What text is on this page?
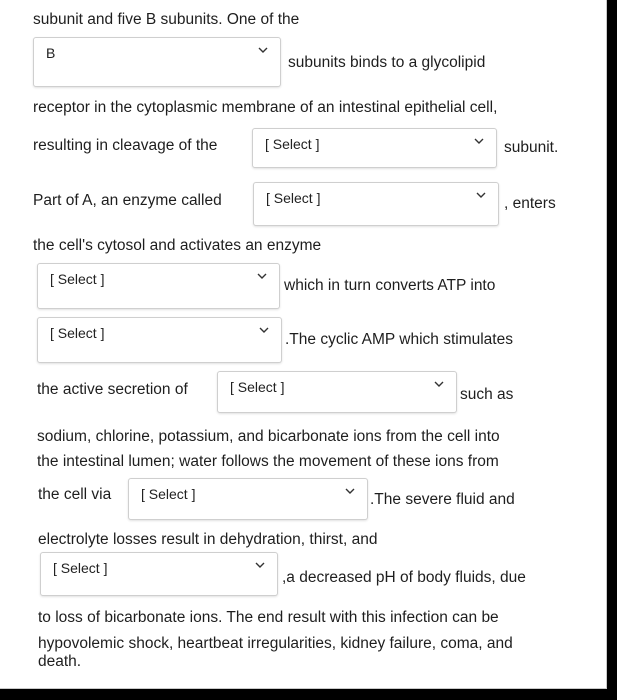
subunit and five B subunits. One of the
B
subunits binds to a glycolipid
receptor in the cytoplasmic membrane of an intestinal epithelial cell,
resulting in cleavage of the	[ Select ]	subunit.
Part of A, an enzyme called	[ Select ]	, enters
the cell's cytosol and activates an enzyme
[ Select ]	which in turn converts ATP into
[ Select ]	.The cyclic AMP which stimulates
the active secretion of	[ Select ]	such as
sodium, chlorine, potassium, and bicarbonate ions from the cell into
the intestinal lumen; water follows the movement of these ions from
the cell via [ Select ]	.The severe fluid and
electrolyte losses result in dehydration, thirst, and
[ Select ]
,a decreased pH of body fluids, due
to loss of bicarbonate ions. The end result with this infection can be
hypovolemic shock, heartbeat irregularities, kidney failure, coma, and
death.
